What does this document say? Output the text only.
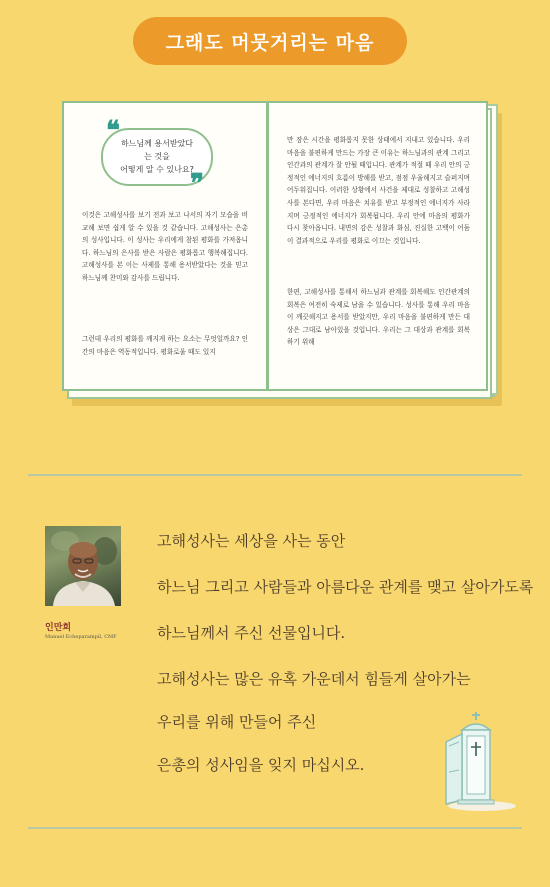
그래도 머뭇거리는 마음
❝
❞
하느님께 용서받았다는 것을
어떻게 알 수 있나요?

이것은 고해성사를 보기 전과 보고 나서의 자기 모습을 비교해 보면 쉽게 알 수 있을 것 같습니다. 고해성사는 은총의 성사입니다. 이 성사는 우리에게 참된 평화를 가져옵니다. 하느님의 은사를 받은 사람은 평화롭고 행복해집니다. 고해성사를 본 이는 사제를 통해 용서받았다는 것을 믿고 하느님께 찬미와 감사를 드립니다.

그런데 우리의 평화를 깨지게 하는 요소는 무엇일까요? 인간의 마음은 역동적입니다. 평화로울 때도 있지

만 잠은 시간을 평화롭지 못한 상태에서 지내고 있습니다. 우리 마음을 불편하게 만드는 가장 큰 이유는 하느님과의 관계 그리고 인간과의 관계가 잘 안될 때입니다. 관계가 적절 때 우리 안의 긍정적인 에너지의 흐름이 방해를 받고, 점점 우울해지고 슬퍼지며 어두워집니다. 이러한 상황에서 사건을 제대로 성찰하고 고해성사를 본다면, 우리 마음은 치유를 받고 부정적인 에너지가 사라지며 긍정적인 에너지가 회복됩니다. 우리 안에 마음의 평화가 다시 찾아옵니다. 내면의 감은 성찰과 화심, 진실한 고백이 어둠이 결과적으로 우리를 평화로 이끄는 것입니다.

한편, 고해성사를 통해서 하느님과 관계를 회복해도 인간관계의 회복은 여전히 숙제로 남을 수 있습니다. 성사를 통해 우리 마음이 깨끗해지고 용서를 받았지만, 우리 마음을 불편하게 만든 대상은 그대로 남아있을 것입니다. 우리는 그 대상과 관계를 회복하기 위해

인만희
Manuel Echeparampil, CMF
고해성사는 세상을 사는 동안
하느님 그리고 사람들과 아름다운 관계를 맺고 살아가도록
하느님께서 주신 선물입니다.
고해성사는 많은 유혹 가운데서 힘들게 살아가는
우리를 위해 만들어 주신
은총의 성사임을 잊지 마십시오.
